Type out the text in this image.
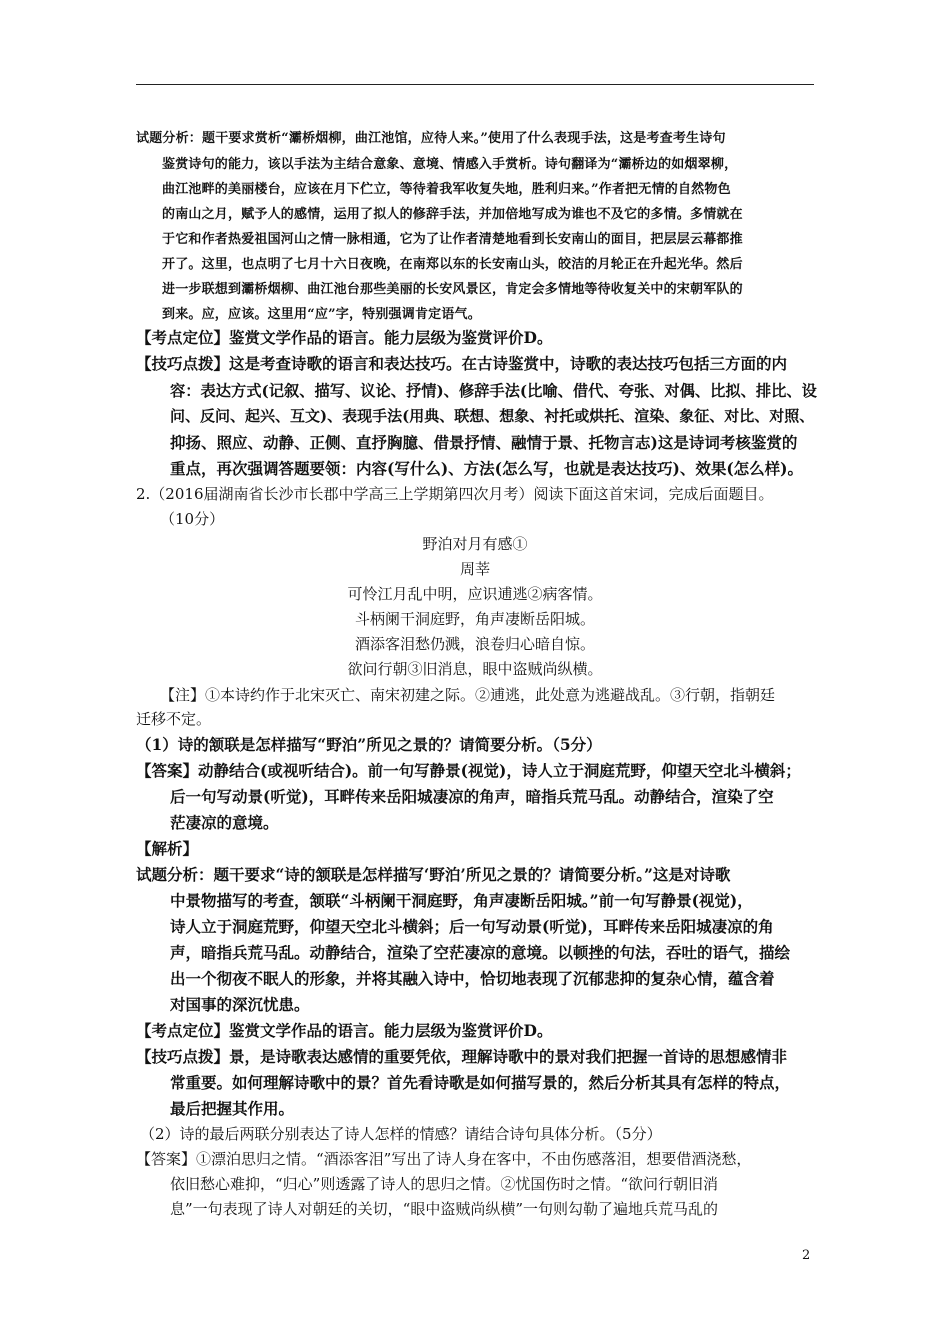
试题分析：题干要求赏析“灞桥烟柳，曲江池馆，应待人来。”使用了什么表现手法，这是考查考生诗句
鉴赏诗句的能力，该以手法为主结合意象、意境、情感入手赏析。诗句翻译为“灞桥边的如烟翠柳，
曲江池畔的美丽楼台，应该在月下伫立，等待着我军收复失地，胜利归来。”作者把无情的自然物色
的南山之月，赋予人的感情，运用了拟人的修辞手法，并加倍地写成为谁也不及它的多情。多情就在
于它和作者热爱祖国河山之情一脉相通，它为了让作者清楚地看到长安南山的面目，把层层云幕都推
开了。这里，也点明了七月十六日夜晚，在南郑以东的长安南山头，皎洁的月轮正在升起光华。然后
进一步联想到灞桥烟柳、曲江池台那些美丽的长安风景区，肯定会多情地等待收复关中的宋朝军队的
到来。应，应该。这里用“应”字，特别强调肯定语气。
【考点定位】鉴赏文学作品的语言。能力层级为鉴赏评价D。
【技巧点拨】这是考查诗歌的语言和表达技巧。在古诗鉴赏中，诗歌的表达技巧包括三方面的内
容：表达方式(记叙、描写、议论、抒情)、修辞手法(比喻、借代、夸张、对偶、比拟、排比、设
问、反问、起兴、互文)、表现手法(用典、联想、想象、衬托或烘托、渲染、象征、对比、对照、
抑扬、照应、动静、正侧、直抒胸臆、借景抒情、融情于景、托物言志)这是诗词考核鉴赏的
重点，再次强调答题要领：内容(写什么)、方法(怎么写，也就是表达技巧)、效果(怎么样)。
2.（2016届湖南省长沙市长郡中学高三上学期第四次月考）阅读下面这首宋词，完成后面题目。
（10分）
野泊对月有感①
周莘
可怜江月乱中明，应识逋逃②病客情。
斗柄阑干洞庭野，角声凄断岳阳城。
酒添客泪愁仍溅，浪卷归心暗自惊。
欲问行朝③旧消息，眼中盗贼尚纵横。
【注】①本诗约作于北宋灭亡、南宋初建之际。②逋逃，此处意为逃避战乱。③行朝，指朝廷
迁移不定。
（1）诗的颔联是怎样描写“野泊”所见之景的？请简要分析。（5分）
【答案】动静结合(或视听结合)。前一句写静景(视觉)，诗人立于洞庭荒野，仰望天空北斗横斜；
后一句写动景(听觉)，耳畔传来岳阳城凄凉的角声，暗指兵荒马乱。动静结合，渲染了空
茫凄凉的意境。
【解析】
试题分析：题干要求“诗的颔联是怎样描写‘野泊’所见之景的？请简要分析。”这是对诗歌
中景物描写的考查，颔联“斗柄阑干洞庭野，角声凄断岳阳城。”前一句写静景(视觉)，
诗人立于洞庭荒野，仰望天空北斗横斜；后一句写动景(听觉)，耳畔传来岳阳城凄凉的角
声，暗指兵荒马乱。动静结合，渲染了空茫凄凉的意境。以顿挫的句法，吞吐的语气，描绘
出一个彻夜不眠人的形象，并将其融入诗中，恰切地表现了沉郁悲抑的复杂心情，蕴含着
对国事的深沉忧患。
【考点定位】鉴赏文学作品的语言。能力层级为鉴赏评价D。
【技巧点拨】景，是诗歌表达感情的重要凭依，理解诗歌中的景对我们把握一首诗的思想感情非
常重要。如何理解诗歌中的景？首先看诗歌是如何描写景的，然后分析其具有怎样的特点，
最后把握其作用。
（2）诗的最后两联分别表达了诗人怎样的情感？请结合诗句具体分析。（5分）
【答案】①漂泊思归之情。“酒添客泪”写出了诗人身在客中，不由伤感落泪，想要借酒浇愁，
依旧愁心难抑，“归心”则透露了诗人的思归之情。②忧国伤时之情。“欲问行朝旧消
息”一句表现了诗人对朝廷的关切，“眼中盗贼尚纵横”一句则勾勒了遍地兵荒马乱的
2
